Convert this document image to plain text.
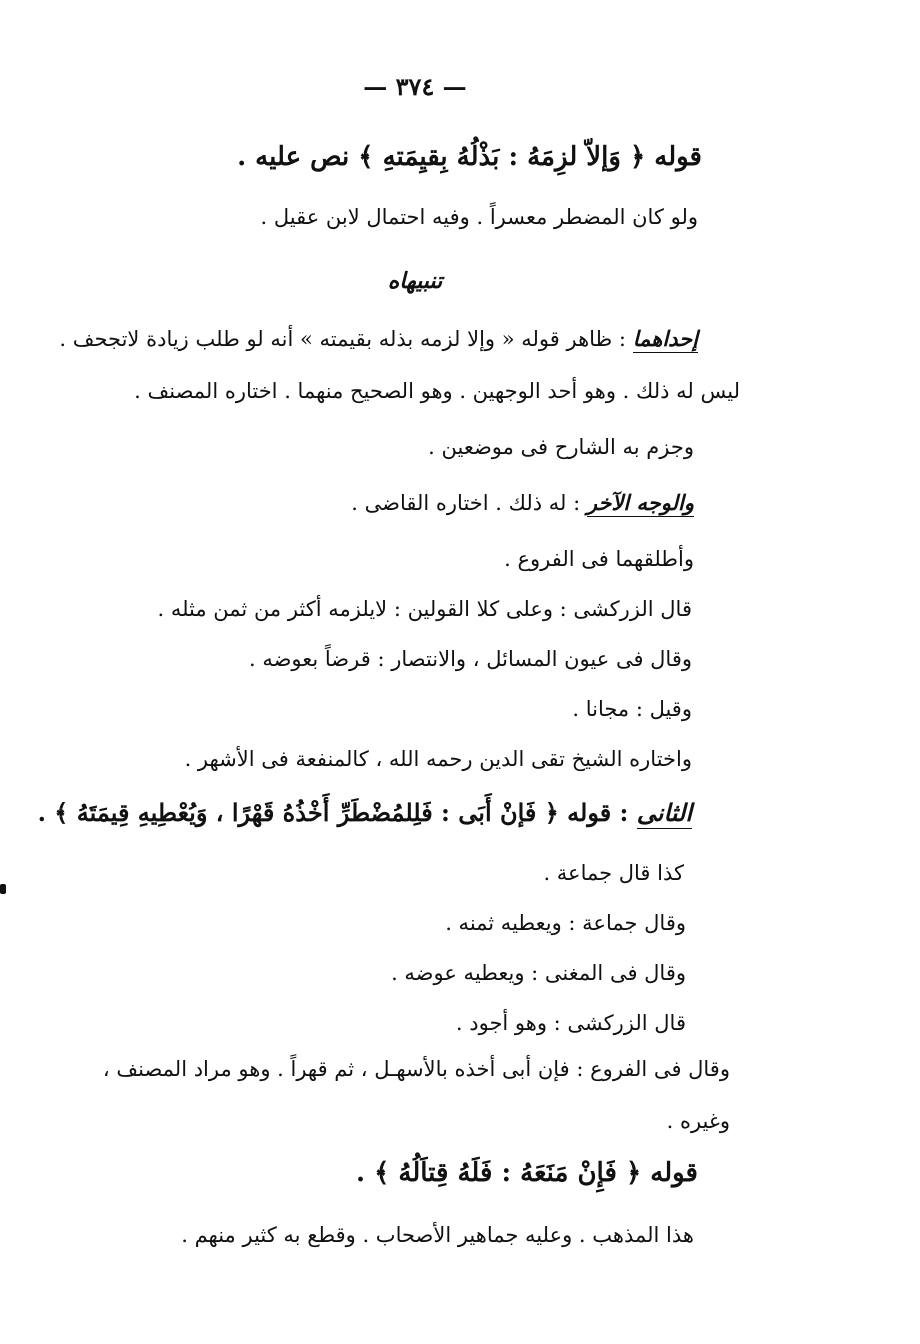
— ٣٧٤ —
قوله ﴿ وَإلاّ لزِمَهُ : بَذْلُهُ بِقيِمَتهِ ﴾ نص عليه .
ولو كان المضطر معسراً . وفيه احتمال لابن عقيل .
تنبيهاه
إحداهما : ظاهر قوله « وإلا لزمه بذله بقيمته » أنه لو طلب زيادة لاتجحف .
ليس له ذلك . وهو أحد الوجهين . وهو الصحيح منهما . اختاره المصنف .
وجزم به الشارح فى موضعين .
والوجه الآخر : له ذلك . اختاره القاضى .
وأطلقهما فى الفروع .
قال الزركشى : وعلى كلا القولين : لايلزمه أكثر من ثمن مثله .
وقال فى عيون المسائل ، والانتصار : قرضاً بعوضه .
وقيل : مجانا .
واختاره الشيخ تقى الدين رحمه الله ، كالمنفعة فى الأشهر .
الثانى : قوله ﴿ فَإنْ أَبَى : فَلِلمُضْطَرِّ أَخْذُهُ قَهْرًا ، وَيُعْطِيهِ قِيمَتَهُ ﴾ .
كذا قال جماعة .
وقال جماعة : ويعطيه ثمنه .
وقال فى المغنى : ويعطيه عوضه .
قال الزركشى : وهو أجود .
وقال فى الفروع : فإن أبى أخذه بالأسهـل ، ثم قهراً . وهو مراد المصنف ،
وغيره .
قوله ﴿ فَإِنْ مَنَعَهُ : فَلَهُ قِتاَلُهُ ﴾ .
هذا المذهب . وعليه جماهير الأصحاب . وقطع به كثير منهم .
